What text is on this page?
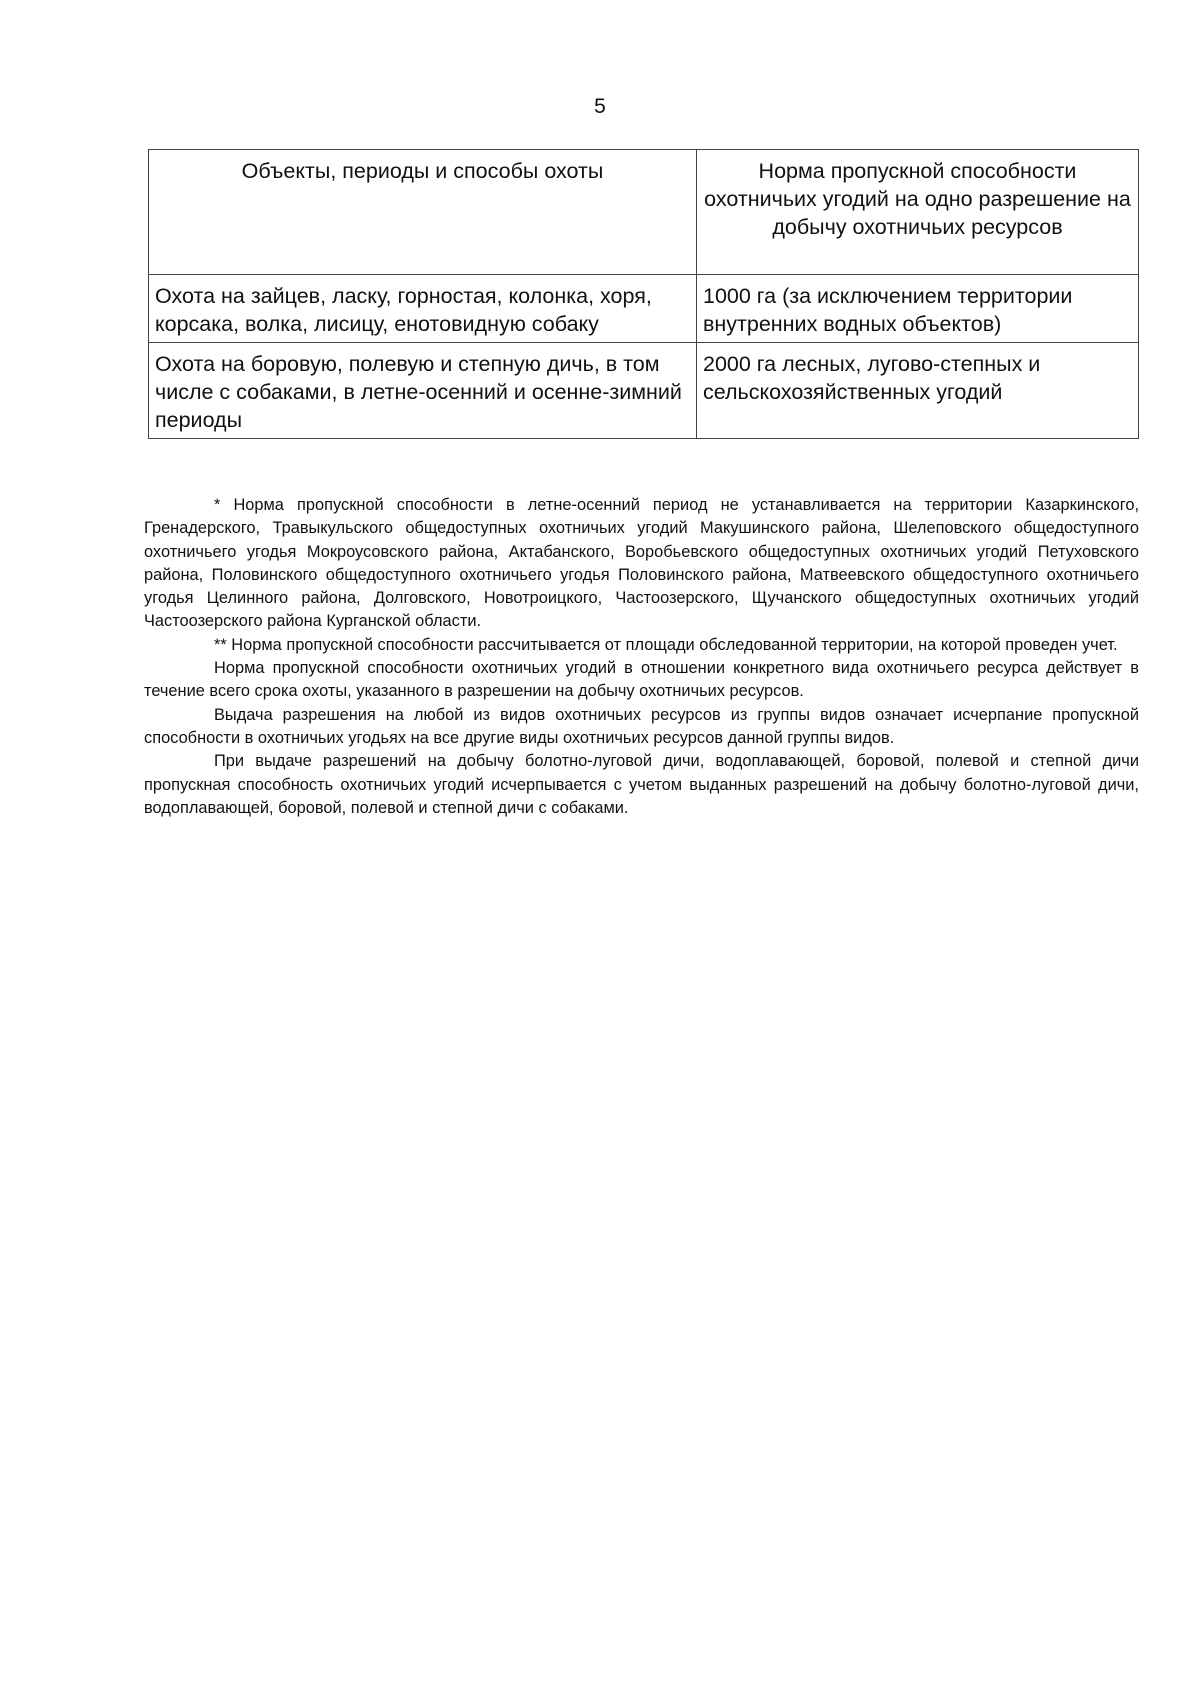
5
Объекты, периоды и способы охоты	Норма пропускной способности охотничьих угодий на одно разрешение на добычу охотничьих ресурсов
Охота на зайцев, ласку, горностая, колонка, хоря, корсака, волка, лисицу, енотовидную собаку	1000 га (за исключением территории внутренних водных объектов)
Охота на боровую, полевую и степную дичь, в том числе с собаками, в летне-осенний и осенне-зимний периоды	2000 га лесных, лугово-степных и сельскохозяйственных угодий

* Норма пропускной способности в летне-осенний период не устанавливается на территории Казаркинского, Гренадерского, Травыкульского общедоступных охотничьих угодий Макушинского района, Шелеповского общедоступного охотничьего угодья Мокроусовского района, Актабанского, Воробьевского общедоступных охотничьих угодий Петуховского района, Половинского общедоступного охотничьего угодья Половинского района, Матвеевского общедоступного охотничьего угодья Целинного района, Долговского, Новотроицкого, Частоозерского, Щучанского общедоступных охотничьих угодий Частоозерского района Курганской области.

** Норма пропускной способности рассчитывается от площади обследованной территории, на которой проведен учет.

Норма пропускной способности охотничьих угодий в отношении конкретного вида охотничьего ресурса действует в течение всего срока охоты, указанного в разрешении на добычу охотничьих ресурсов.

Выдача разрешения на любой из видов охотничьих ресурсов из группы видов означает исчерпание пропускной способности в охотничьих угодьях на все другие виды охотничьих ресурсов данной группы видов.

При выдаче разрешений на добычу болотно-луговой дичи, водоплавающей, боровой, полевой и степной дичи пропускная способность охотничьих угодий исчерпывается с учетом выданных разрешений на добычу болотно-луговой дичи, водоплавающей, боровой, полевой и степной дичи с собаками.
